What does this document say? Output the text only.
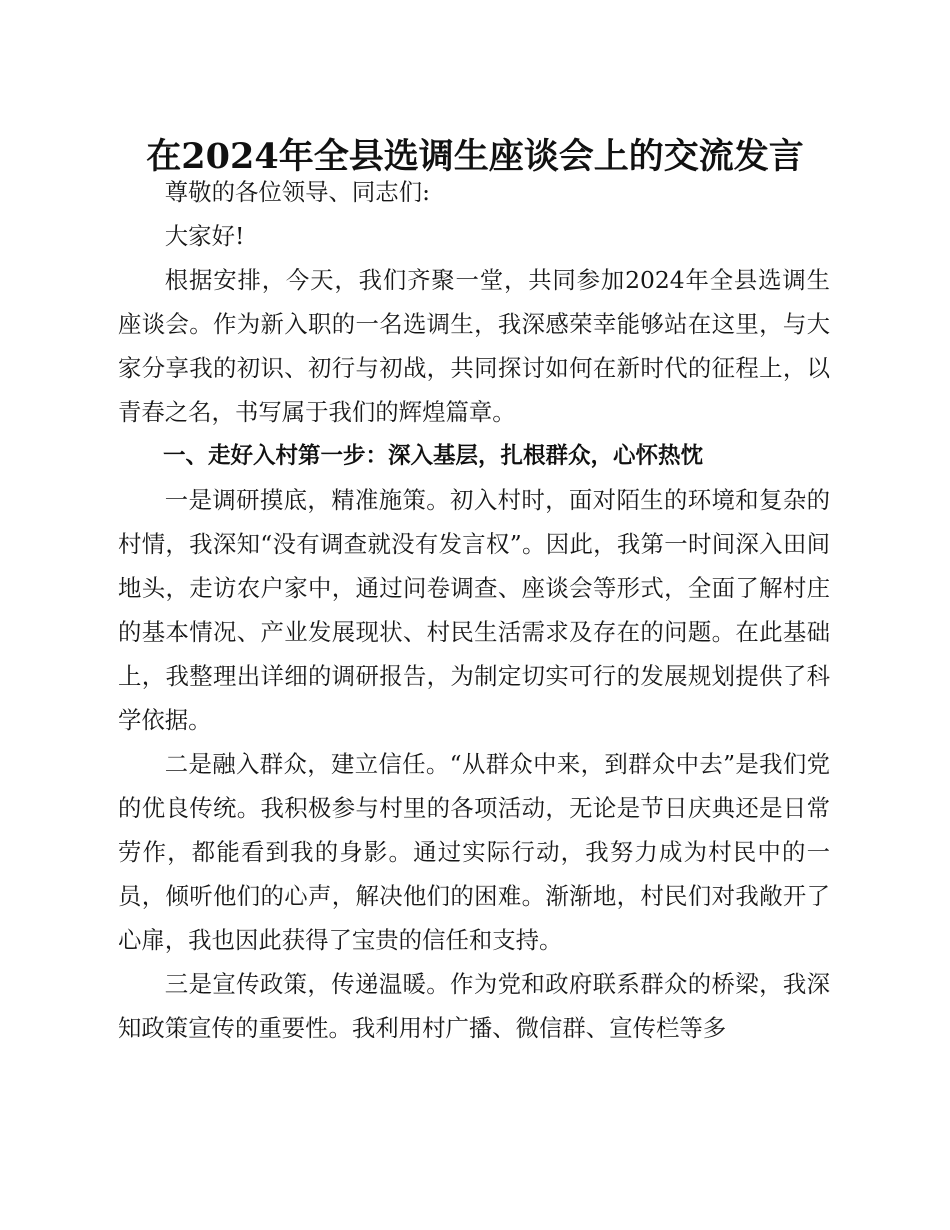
在2024年全县选调生座谈会上的交流发言

尊敬的各位领导、同志们:

大家好!

根据安排，今天，我们齐聚一堂，共同参加2024年全县选调生座谈会。作为新入职的一名选调生，我深感荣幸能够站在这里，与大家分享我的初识、初行与初战，共同探讨如何在新时代的征程上，以青春之名，书写属于我们的辉煌篇章。

一、走好入村第一步：深入基层，扎根群众，心怀热忱

一是调研摸底，精准施策。初入村时，面对陌生的环境和复杂的村情，我深知“没有调查就没有发言权”。因此，我第一时间深入田间地头，走访农户家中，通过问卷调查、座谈会等形式，全面了解村庄的基本情况、产业发展现状、村民生活需求及存在的问题。在此基础上，我整理出详细的调研报告，为制定切实可行的发展规划提供了科学依据。

二是融入群众，建立信任。“从群众中来，到群众中去”是我们党的优良传统。我积极参与村里的各项活动，无论是节日庆典还是日常劳作，都能看到我的身影。通过实际行动，我努力成为村民中的一员，倾听他们的心声，解决他们的困难。渐渐地，村民们对我敞开了心扉，我也因此获得了宝贵的信任和支持。

三是宣传政策，传递温暖。作为党和政府联系群众的桥梁，我深知政策宣传的重要性。我利用村广播、微信群、宣传栏等多
